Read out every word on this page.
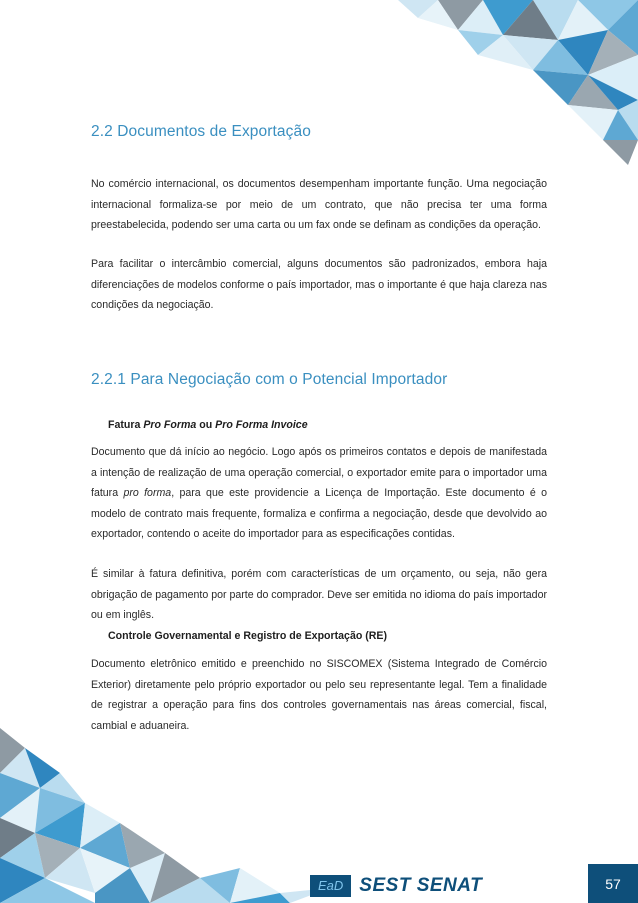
2.2 Documentos de Exportação

No comércio internacional, os documentos desempenham importante função. Uma negociação internacional formaliza-se por meio de um contrato, que não precisa ter uma forma preestabelecida, podendo ser uma carta ou um fax onde se definam as condições da operação.

Para facilitar o intercâmbio comercial, alguns documentos são padronizados, embora haja diferenciações de modelos conforme o país importador, mas o importante é que haja clareza nas condições da negociação.

2.2.1 Para Negociação com o Potencial Importador
Fatura Pro Forma ou Pro Forma Invoice

Documento que dá início ao negócio. Logo após os primeiros contatos e depois de manifestada a intenção de realização de uma operação comercial, o exportador emite para o importador uma fatura pro forma, para que este providencie a Licença de Importação. Este documento é o modelo de contrato mais frequente, formaliza e confirma a negociação, desde que devolvido ao exportador, contendo o aceite do importador para as especificações contidas.

É similar à fatura definitiva, porém com características de um orçamento, ou seja, não gera obrigação de pagamento por parte do comprador. Deve ser emitida no idioma do país importador ou em inglês.

Controle Governamental e Registro de Exportação (RE)

Documento eletrônico emitido e preenchido no SISCOMEX (Sistema Integrado de Comércio Exterior) diretamente pelo próprio exportador ou pelo seu representante legal. Tem a finalidade de registrar a operação para fins dos controles governamentais nas áreas comercial, fiscal, cambial e aduaneira.

EaD SEST SENAT	57
